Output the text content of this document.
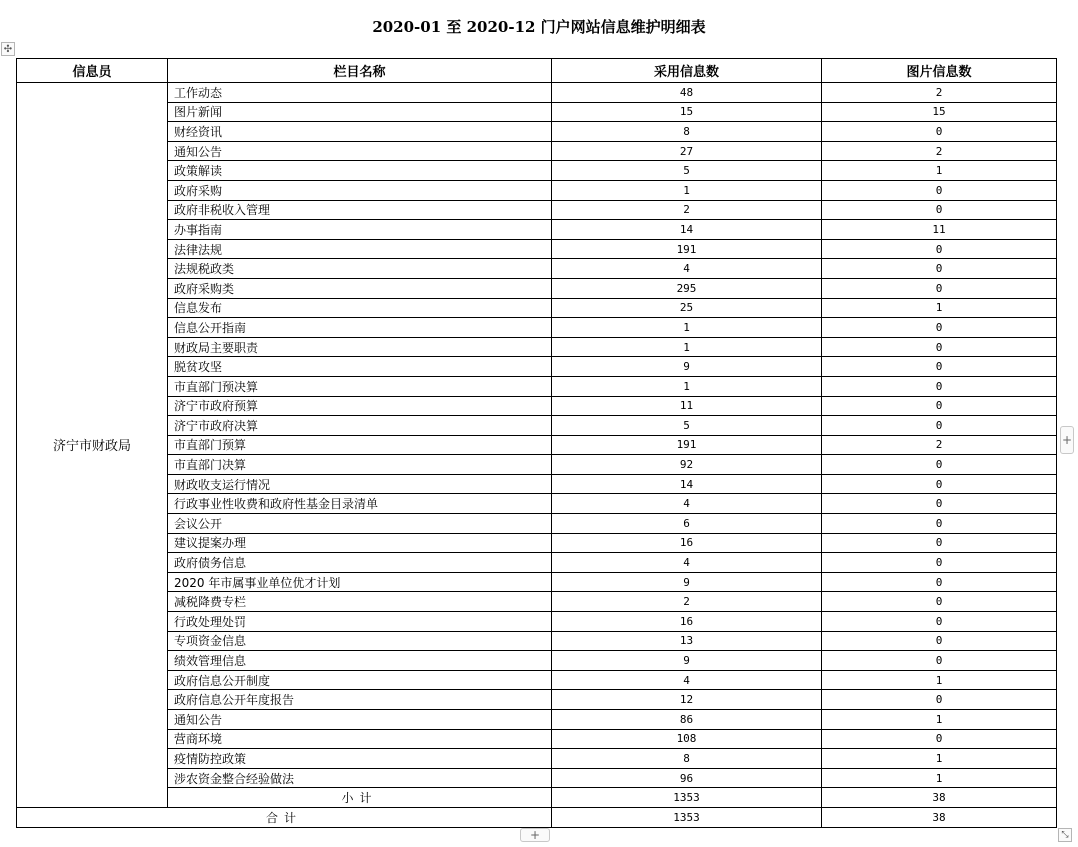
2020-01 至 2020-12 门户网站信息维护明细表
✣
信息员	栏目名称	采用信息数	图片信息数
济宁市财政局	工作动态	48	2
	图片新闻	15	15
	财经资讯	8	0
	通知公告	27	2
	政策解读	5	1
	政府采购	1	0
	政府非税收入管理	2	0
	办事指南	14	11
	法律法规	191	0
	法规税政类	4	0
	政府采购类	295	0
	信息发布	25	1
	信息公开指南	1	0
	财政局主要职责	1	0
	脱贫攻坚	9	0
	市直部门预决算	1	0
	济宁市政府预算	11	0
	济宁市政府决算	5	0
	市直部门预算	191	2
	市直部门决算	92	0
	财政收支运行情况	14	0
	行政事业性收费和政府性基金目录清单	4	0
	会议公开	6	0
	建议提案办理	16	0
	政府债务信息	4	0
	2020 年市属事业单位优才计划	9	0
	减税降费专栏	2	0
	行政处理处罚	16	0
	专项资金信息	13	0
	绩效管理信息	9	0
	政府信息公开制度	4	1
	政府信息公开年度报告	12	0
	通知公告	86	1
	营商环境	108	0
	疫情防控政策	8	1
	涉农资金整合经验做法	96	1
	小计	1353	38
合计		1353	38
+
+	⤡
